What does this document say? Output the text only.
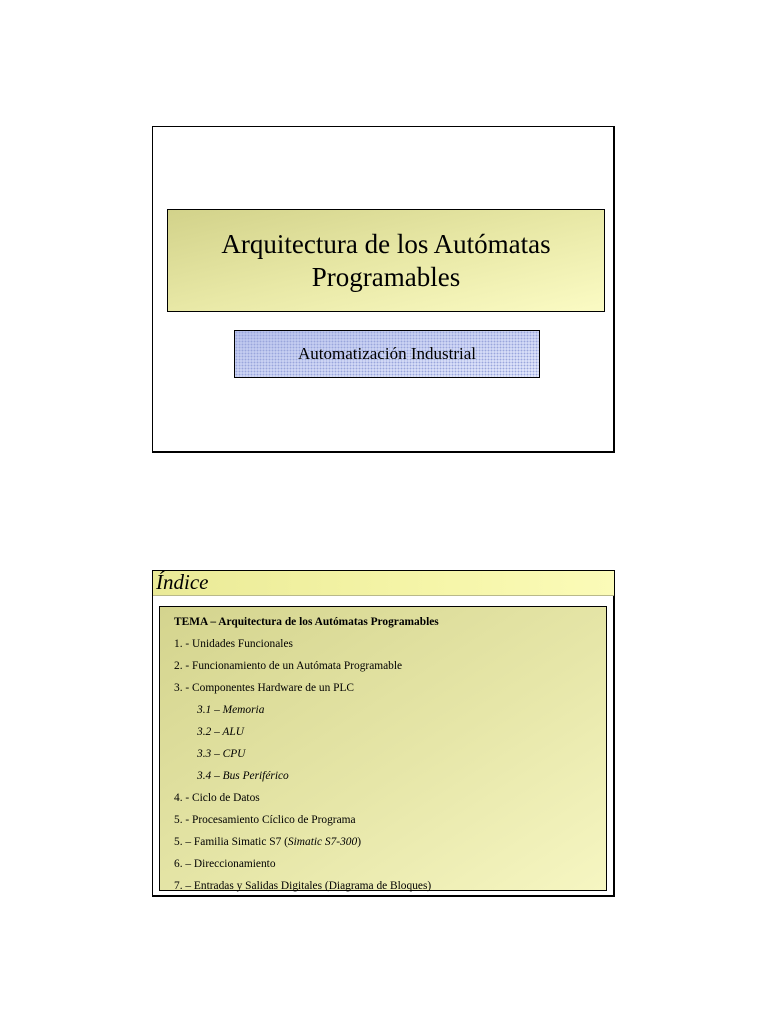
Arquitectura de los Autómatas
Programables
Automatización Industrial
Índice
TEMA – Arquitectura de los Autómatas Programables
1. - Unidades Funcionales
2. - Funcionamiento de un Autómata Programable
3. - Componentes Hardware de un PLC
3.1 – Memoria
3.2 – ALU
3.3 – CPU
3.4 – Bus Periférico
4. - Ciclo de Datos
5. - Procesamiento Cíclico de Programa
5. – Familia Simatic S7 (Simatic S7-300)
6. – Direccionamiento
7. – Entradas y Salidas Digitales (Diagrama de Bloques)
